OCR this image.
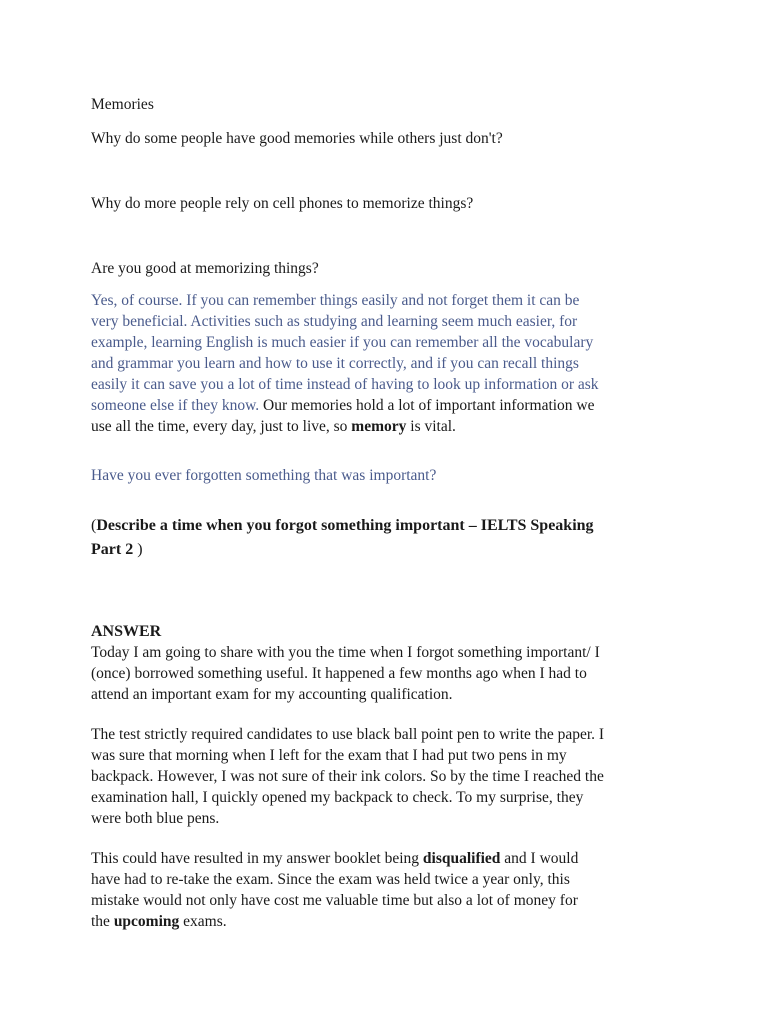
Memories
Why do some people have good memories while others just don't?
Why do more people rely on cell phones to memorize things?
Are you good at memorizing things?
Yes, of course. If you can remember things easily and not forget them it can be
very beneficial. Activities such as studying and learning seem much easier, for
example, learning English is much easier if you can remember all the vocabulary
and grammar you learn and how to use it correctly, and if you can recall things
easily it can save you a lot of time instead of having to look up information or ask
someone else if they know. Our memories hold a lot of important information we
use all the time, every day, just to live, so memory is vital.
Have you ever forgotten something that was important?
(Describe a time when you forgot something important – IELTS Speaking
Part 2 )
ANSWER
Today I am going to share with you the time when I forgot something important/ I
(once) borrowed something useful. It happened a few months ago when I had to
attend an important exam for my accounting qualification.
The test strictly required candidates to use black ball point pen to write the paper. I
was sure that morning when I left for the exam that I had put two pens in my
backpack. However, I was not sure of their ink colors. So by the time I reached the
examination hall, I quickly opened my backpack to check. To my surprise, they
were both blue pens.
This could have resulted in my answer booklet being disqualified and I would
have had to re-take the exam. Since the exam was held twice a year only, this
mistake would not only have cost me valuable time but also a lot of money for
the upcoming exams.
